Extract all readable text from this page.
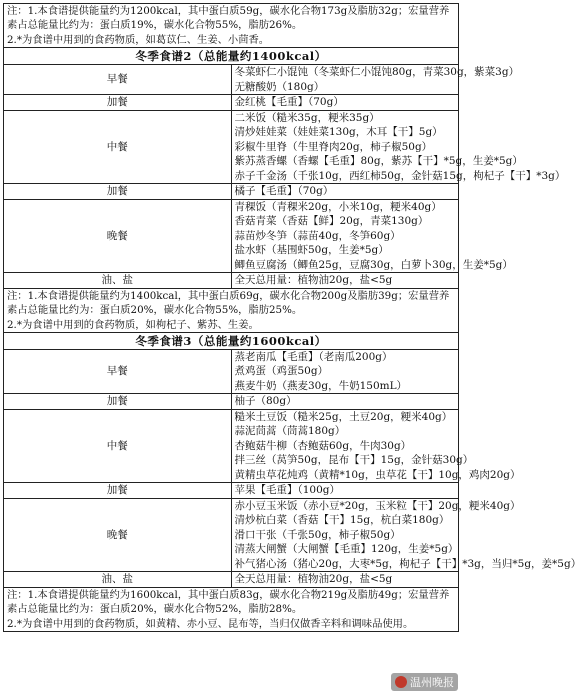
注：1.本食谱提供能量约为1200kcal，其中蛋白质59g，碳水化合物173g及脂肪32g；宏量营养素占总能量比约为：蛋白质19%，碳水化合物55%，脂肪26%。
2.*为食谱中用到的食药物质，如葛苡仁、生姜、小茴香。	

冬季食谱2（总能量约1400kcal）	
早餐	冬菜虾仁小馄饨（冬菜虾仁小馄饨80g，青菜30g，紫菜3g）
无糖酸奶（180g）

加餐	金红桃【毛重】（70g）

中餐	二米饭（糙米35g，粳米35g）
清炒娃娃菜（娃娃菜130g，木耳【干】5g）
彩椒牛里脊（牛里脊肉20g，柿子椒50g）
紫苏蒸香螺（香螺【毛重】80g，紫苏【干】*5g，生姜*5g）
赤子千金汤（千张10g，西红柿50g，金针菇15g，枸杞子【干】*3g）

加餐	橘子【毛重】（70g）

晚餐	青稞饭（青稞米20g，小米10g，粳米40g）
香菇青菜（香菇【鲜】20g，青菜130g）
蒜苗炒冬笋（蒜苗40g，冬笋60g）
盐水虾（基围虾50g，生姜*5g）
鲫鱼豆腐汤（鲫鱼25g，豆腐30g，白萝卜30g，生姜*5g）

油、盐	全天总用量：植物油20g，盐<5g

注：1.本食谱提供能量约为1400kcal，其中蛋白质69g，碳水化合物200g及脂肪39g；宏量营养素占总能量比约为：蛋白质20%，碳水化合物55%，脂肪25%。
2.*为食谱中用到的食药物质，如枸杞子、紫苏、生姜。	

冬季食谱3（总能量约1600kcal）	
早餐	蒸老南瓜【毛重】（老南瓜200g）
煮鸡蛋（鸡蛋50g）
燕麦牛奶（燕麦30g，牛奶150mL）

加餐	柚子（80g）

中餐	糙米土豆饭（糙米25g，土豆20g，粳米40g）
蒜泥茼蒿（茼蒿180g）
杏鲍菇牛柳（杏鲍菇60g，牛肉30g）
拌三丝（莴笋50g，昆布【干】15g，金针菇30g）
黄精虫草花炖鸡（黄精*10g，虫草花【干】10g，鸡肉20g）

加餐	苹果【毛重】（100g）

晚餐	赤小豆玉米饭（赤小豆*20g，玉米粒【干】20g，粳米40g）
清炒杭白菜（香菇【干】15g，杭白菜180g）
滑口干张（千张50g，柿子椒50g）
清蒸大闸蟹（大闸蟹【毛重】120g，生姜*5g）
补气猪心汤（猪心20g，大枣*5g，枸杞子【干】*3g，当归*5g，姜*5g）

油、盐	全天总用量：植物油20g，盐<5g

注：1.本食谱提供能量约为1600kcal，其中蛋白质83g，碳水化合物219g及脂肪49g；宏量营养素占总能量比约为：蛋白质20%，碳水化合物52%，脂肪28%。
2.*为食谱中用到的食药物质，如黄精、赤小豆、昆布等，当归仅做香辛料和调味品使用。	
温州晚报
